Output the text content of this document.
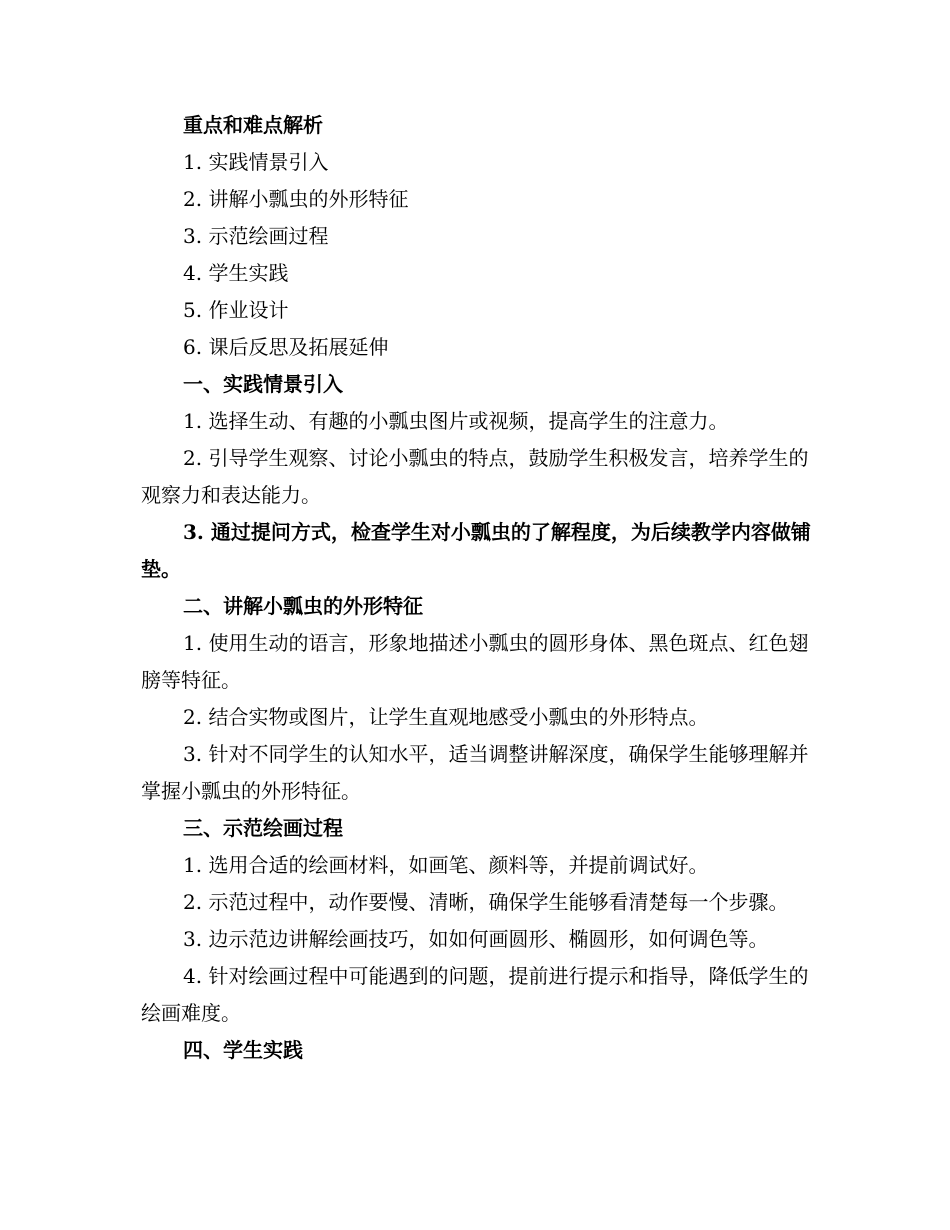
重点和难点解析

1. 实践情景引入

2. 讲解小瓢虫的外形特征

3. 示范绘画过程

4. 学生实践

5. 作业设计

6. 课后反思及拓展延伸

一、实践情景引入

1. 选择生动、有趣的小瓢虫图片或视频，提高学生的注意力。

2. 引导学生观察、讨论小瓢虫的特点，鼓励学生积极发言，培养学生的观察力和表达能力。

3. 通过提问方式，检查学生对小瓢虫的了解程度，为后续教学内容做铺垫。

二、讲解小瓢虫的外形特征

1. 使用生动的语言，形象地描述小瓢虫的圆形身体、黑色斑点、红色翅膀等特征。

2. 结合实物或图片，让学生直观地感受小瓢虫的外形特点。

3. 针对不同学生的认知水平，适当调整讲解深度，确保学生能够理解并掌握小瓢虫的外形特征。

三、示范绘画过程

1. 选用合适的绘画材料，如画笔、颜料等，并提前调试好。

2. 示范过程中，动作要慢、清晰，确保学生能够看清楚每一个步骤。

3. 边示范边讲解绘画技巧，如如何画圆形、椭圆形，如何调色等。

4. 针对绘画过程中可能遇到的问题，提前进行提示和指导，降低学生的绘画难度。

四、学生实践
